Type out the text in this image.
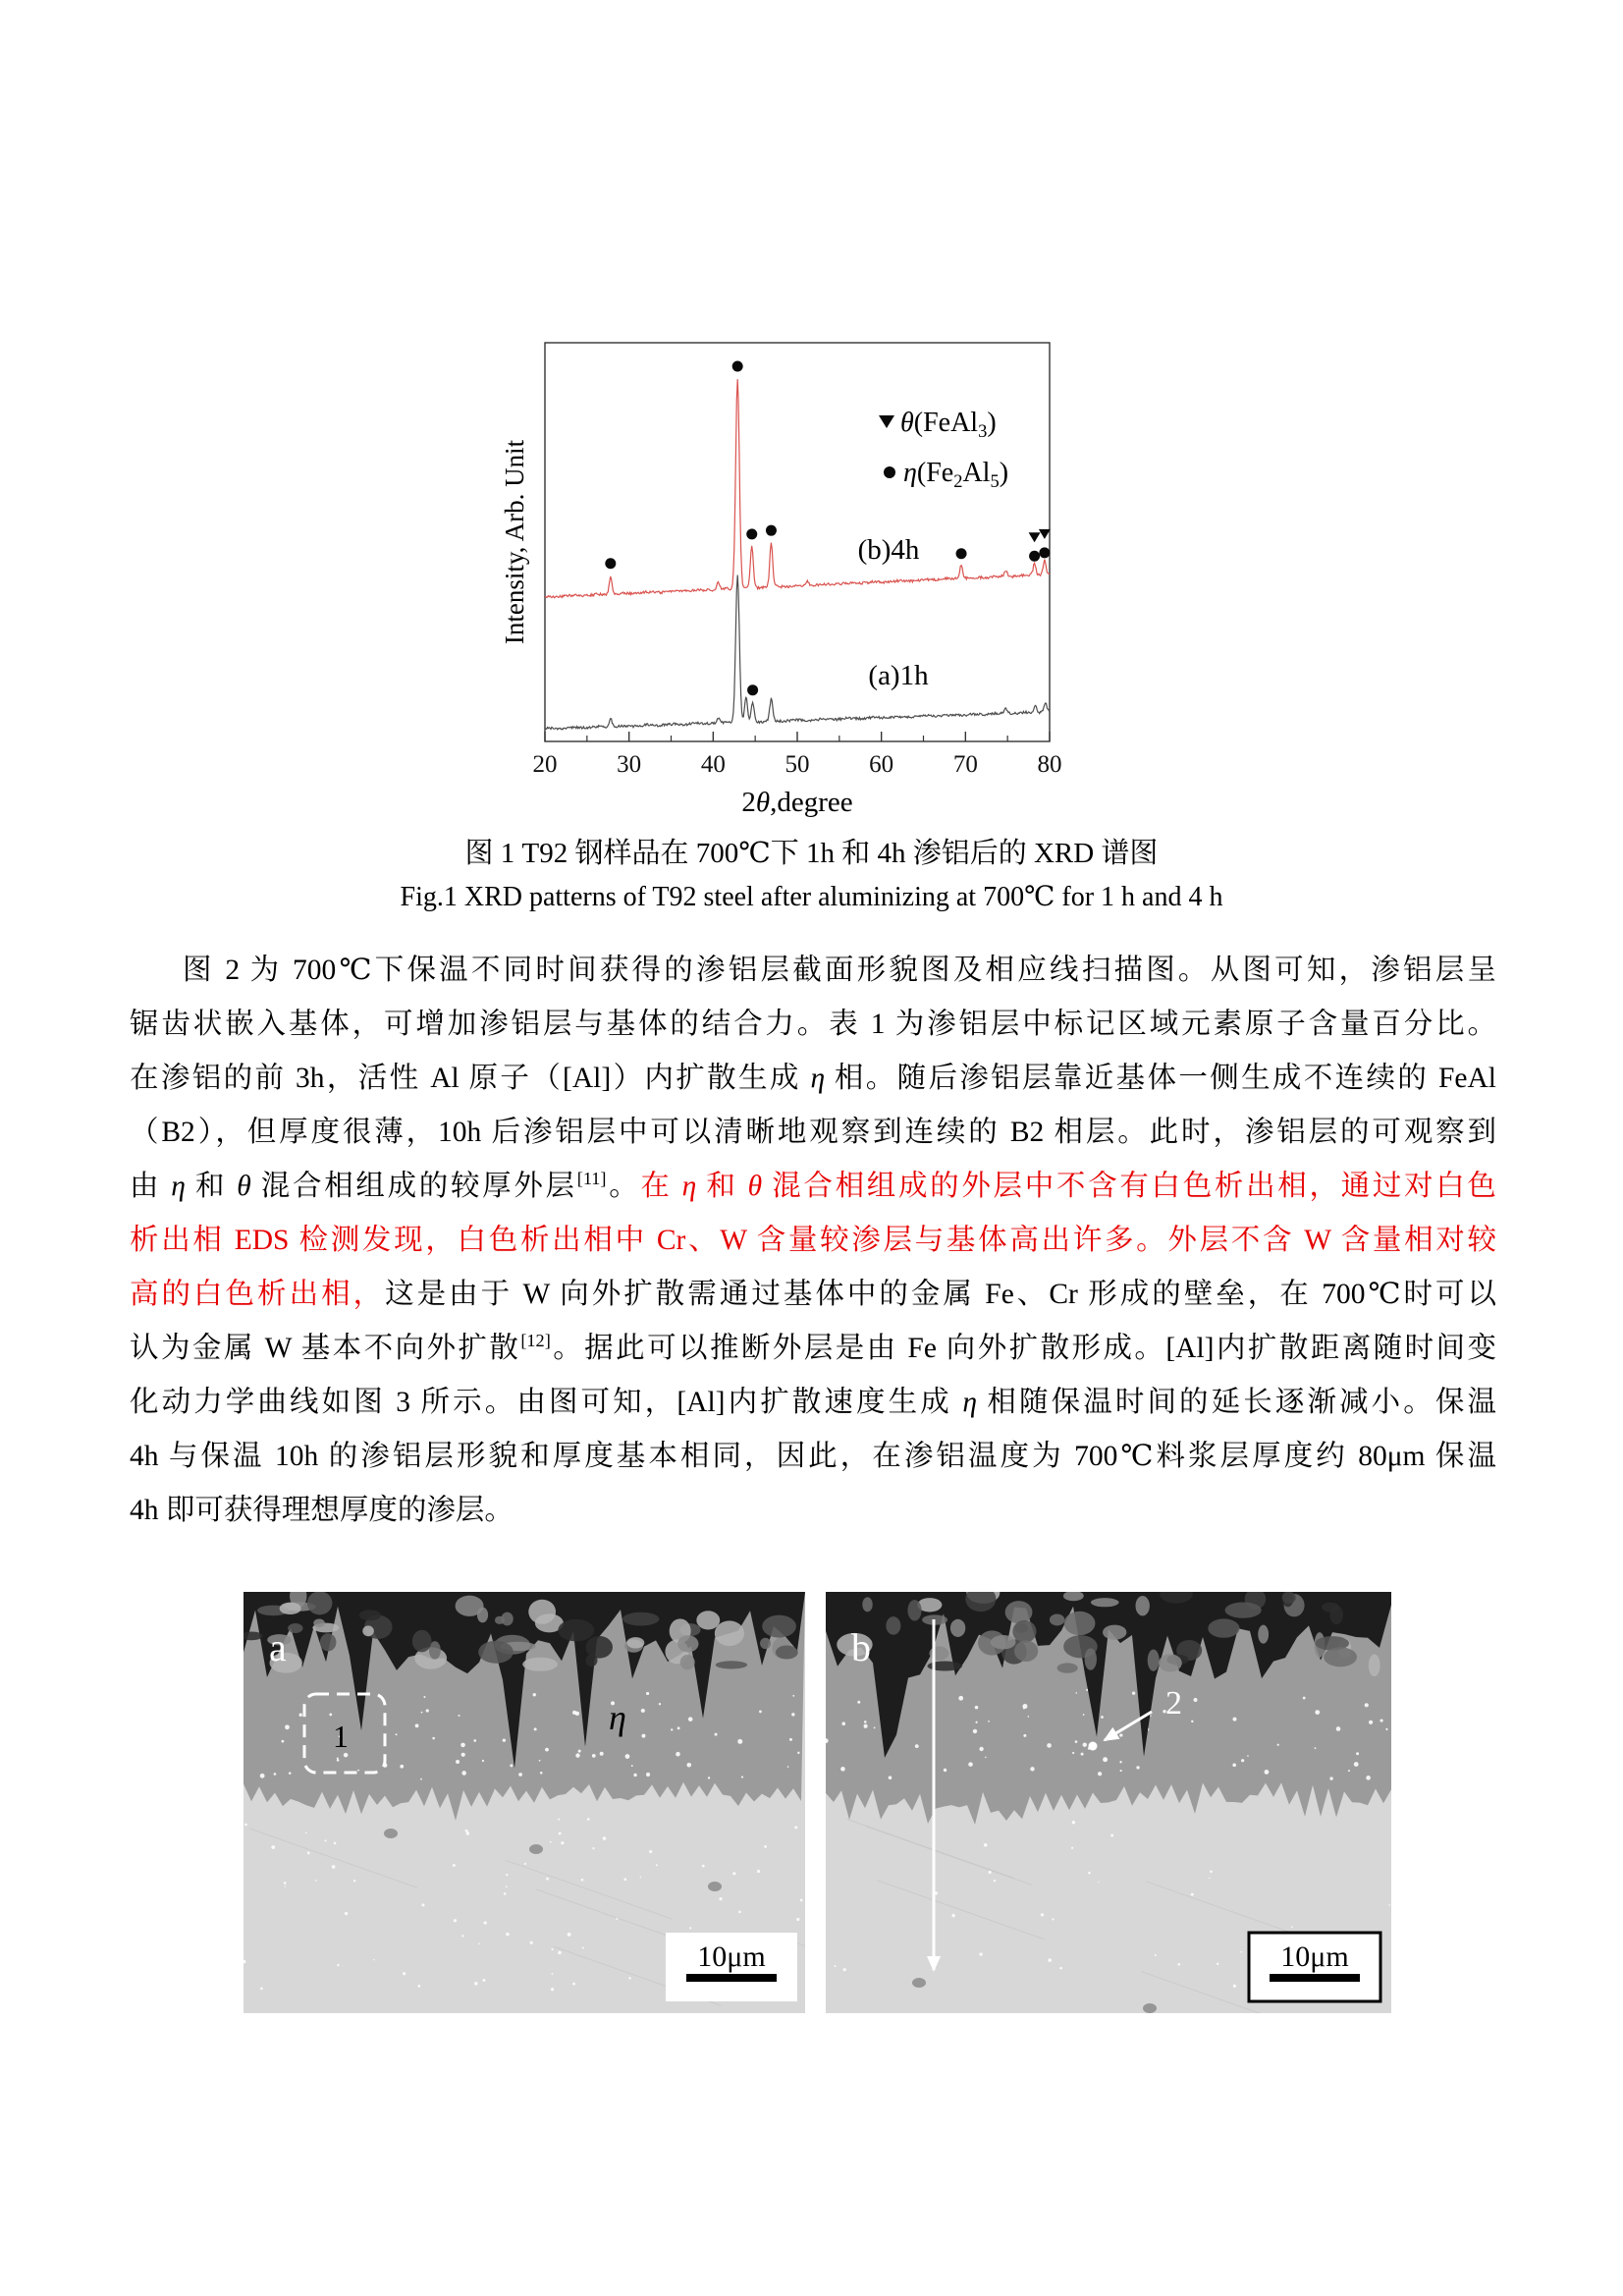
20 30 40 50 60 70 80
2θ,degree
Intensity, Arb. Unit	(b)4h
(a)1h
θ(FeAl$_3$)
$\eta(Fe_2Al_5)$
图 1 T92 钢样品在 700℃下 1h 和 4h 渗铝后的 XRD 谱图
Fig.1 XRD patterns of T92 steel after aluminizing at 700℃ for 1 h and 4 h
图 2 为 700℃下保温不同时间获得的渗铝层截面形貌图及相应线扫描图。从图可知，渗铝层呈
锯齿状嵌入基体，可增加渗铝层与基体的结合力。表 1 为渗铝层中标记区域元素原子含量百分比。
在渗铝的前 3h，活性 Al 原子（[Al]）内扩散生成 η 相。随后渗铝层靠近基体一侧生成不连续的 FeAl
（B2），但厚度很薄，10h 后渗铝层中可以清晰地观察到连续的 B2 相层。此时，渗铝层的可观察到
由 η 和 θ 混合相组成的较厚外层[11]。在 η 和 θ 混合相组成的外层中不含有白色析出相，通过对白色
析出相 EDS 检测发现，白色析出相中 Cr、W 含量较渗层与基体高出许多。外层不含 W 含量相对较
高的白色析出相，这是由于 W 向外扩散需通过基体中的金属 Fe、Cr 形成的壁垒，在 700℃时可以
认为金属 W 基本不向外扩散[12]。据此可以推断外层是由 Fe 向外扩散形成。[Al]内扩散距离随时间变
化动力学曲线如图 3 所示。由图可知，[Al]内扩散速度生成 η 相随保温时间的延长逐渐减小。保温
4h 与保温 10h 的渗铝层形貌和厚度基本相同，因此，在渗铝温度为 700℃料浆层厚度约 80μm 保温
4h 即可获得理想厚度的渗层。
a
1	η
10μm
b
2
10μm
